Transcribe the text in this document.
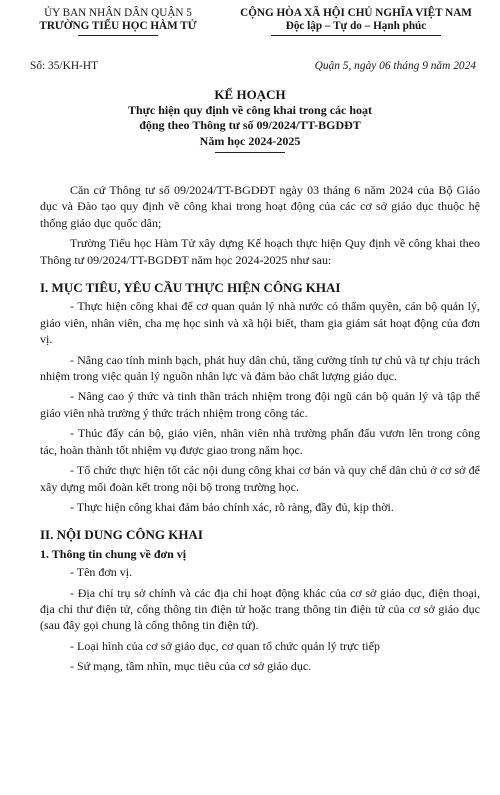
ỦY BAN NHÂN DÂN QUẬN 5
TRƯỜNG TIỂU HỌC HÀM TỬ
CỘNG HÒA XÃ HỘI CHỦ NGHĨA VIỆT NAM
Độc lập – Tự do – Hạnh phúc
Số: 35/KH-HT	Quận 5, ngày 06 tháng 9 năm 2024
KẾ HOẠCH
Thực hiện quy định về công khai trong các hoạt
động theo Thông tư số 09/2024/TT-BGDĐT
Năm học 2024-2025

Căn cứ Thông tư số 09/2024/TT-BGDĐT ngày 03 tháng 6 năm 2024 của Bộ Giáo dục và Đào tạo quy định về công khai trong hoạt động của các cơ sở giáo dục thuộc hệ thống giáo dục quốc dân;

Trường Tiểu học Hàm Tử xây dựng Kế hoạch thực hiện Quy định về công khai theo Thông tư 09/2024/TT-BGDĐT năm học 2024-2025 như sau:

I. MỤC TIÊU, YÊU CẦU THỰC HIỆN CÔNG KHAI

- Thực hiện công khai để cơ quan quản lý nhà nước có thẩm quyền, cán bộ quản lý, giáo viên, nhân viên, cha mẹ học sinh và xã hội biết, tham gia giám sát hoạt động của đơn vị.

- Nâng cao tính minh bạch, phát huy dân chủ, tăng cường tính tự chủ và tự chịu trách nhiệm trong việc quản lý nguồn nhân lực và đảm bảo chất lượng giáo dục.

- Nâng cao ý thức và tinh thần trách nhiệm trong đội ngũ cán bộ quản lý và tập thể giáo viên nhà trường ý thức trách nhiệm trong công tác.

- Thúc đẩy cán bộ, giáo viên, nhân viên nhà trường phấn đấu vươn lên trong công tác, hoàn thành tốt nhiệm vụ được giao trong năm học.

- Tổ chức thực hiện tốt các nội dung công khai cơ bản và quy chế dân chủ ở cơ sở để xây dựng mối đoàn kết trong nội bộ trong trường học.

- Thực hiện công khai đảm bảo chính xác, rõ ràng, đầy đủ, kịp thời.

II. NỘI DUNG CÔNG KHAI

1. Thông tin chung về đơn vị

- Tên đơn vị.

- Địa chỉ trụ sở chính và các địa chỉ hoạt động khác của cơ sở giáo dục, điện thoại, địa chỉ thư điện tử, cổng thông tin điện tử hoặc trang thông tin điện tử của cơ sở giáo dục (sau đây gọi chung là cổng thông tin điện tử).

- Loại hình của cơ sở giáo dục, cơ quan tổ chức quản lý trực tiếp

- Sứ mạng, tầm nhìn, mục tiêu của cơ sở giáo dục.
